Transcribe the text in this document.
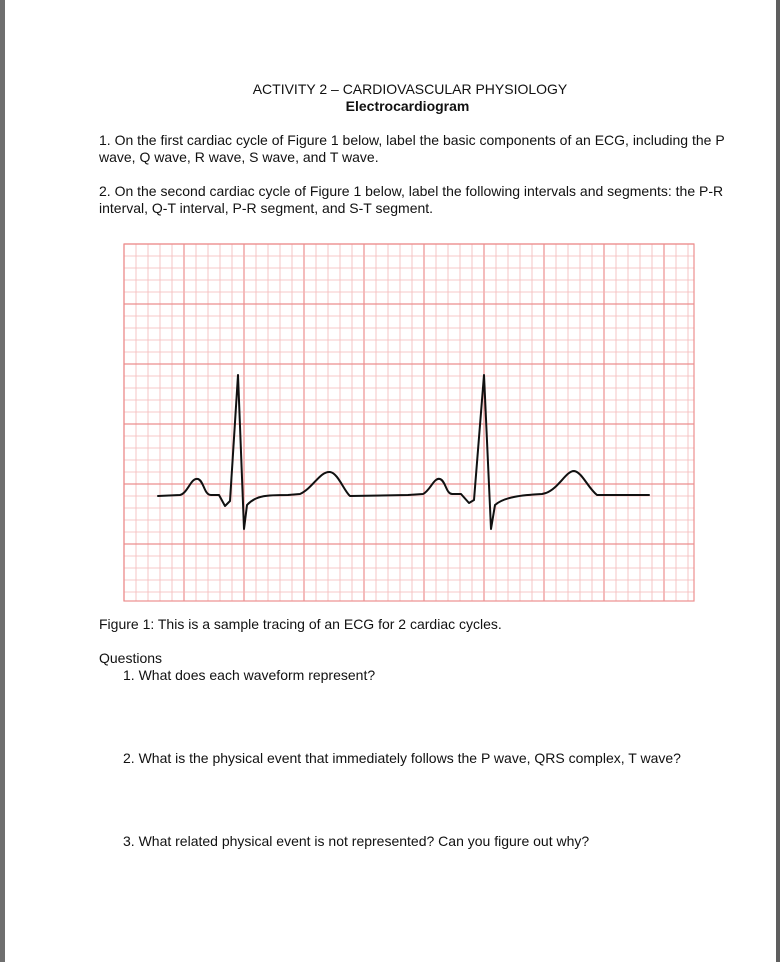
ACTIVITY 2 – CARDIOVASCULAR PHYSIOLOGY
Electrocardiogram
1. On the first cardiac cycle of Figure 1 below, label the basic components of an ECG, including the P wave, Q wave, R wave, S wave, and T wave.
2. On the second cardiac cycle of Figure 1 below, label the following intervals and segments: the P-R interval, Q-T interval, P-R segment, and S-T segment.
Figure 1: This is a sample tracing of an ECG for 2 cardiac cycles.
Questions
1. What does each waveform represent?
2. What is the physical event that immediately follows the P wave, QRS complex, T wave?
3. What related physical event is not represented? Can you figure out why?
